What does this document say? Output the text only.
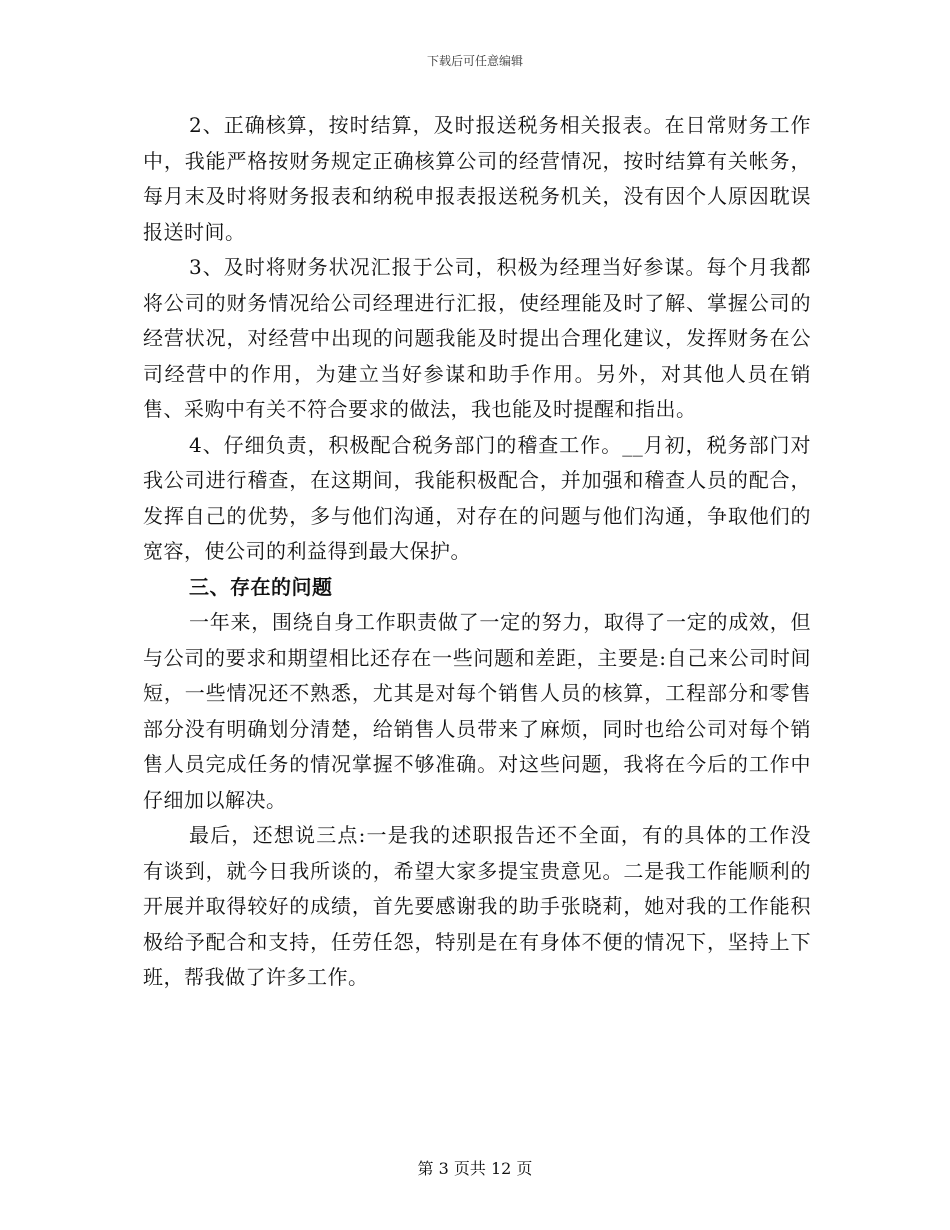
下载后可任意编辑

2、正确核算，按时结算，及时报送税务相关报表。在日常财务工作中，我能严格按财务规定正确核算公司的经营情况，按时结算有关帐务，每月末及时将财务报表和纳税申报表报送税务机关，没有因个人原因耽误报送时间。

3、及时将财务状况汇报于公司，积极为经理当好参谋。每个月我都将公司的财务情况给公司经理进行汇报，使经理能及时了解、掌握公司的经营状况，对经营中出现的问题我能及时提出合理化建议，发挥财务在公司经营中的作用，为建立当好参谋和助手作用。另外，对其他人员在销售、采购中有关不符合要求的做法，我也能及时提醒和指出。

4、仔细负责，积极配合税务部门的稽查工作。__月初，税务部门对我公司进行稽查，在这期间，我能积极配合，并加强和稽查人员的配合，发挥自己的优势，多与他们沟通，对存在的问题与他们沟通，争取他们的宽容，使公司的利益得到最大保护。

三、存在的问题

一年来，围绕自身工作职责做了一定的努力，取得了一定的成效，但与公司的要求和期望相比还存在一些问题和差距，主要是:自己来公司时间短，一些情况还不熟悉，尤其是对每个销售人员的核算，工程部分和零售部分没有明确划分清楚，给销售人员带来了麻烦，同时也给公司对每个销售人员完成任务的情况掌握不够准确。对这些问题，我将在今后的工作中仔细加以解决。

最后，还想说三点:一是我的述职报告还不全面，有的具体的工作没有谈到，就今日我所谈的，希望大家多提宝贵意见。二是我工作能顺利的开展并取得较好的成绩，首先要感谢我的助手张晓莉，她对我的工作能积极给予配合和支持，任劳任怨，特别是在有身体不便的情况下，坚持上下班，帮我做了许多工作。

第 3 页共 12 页
